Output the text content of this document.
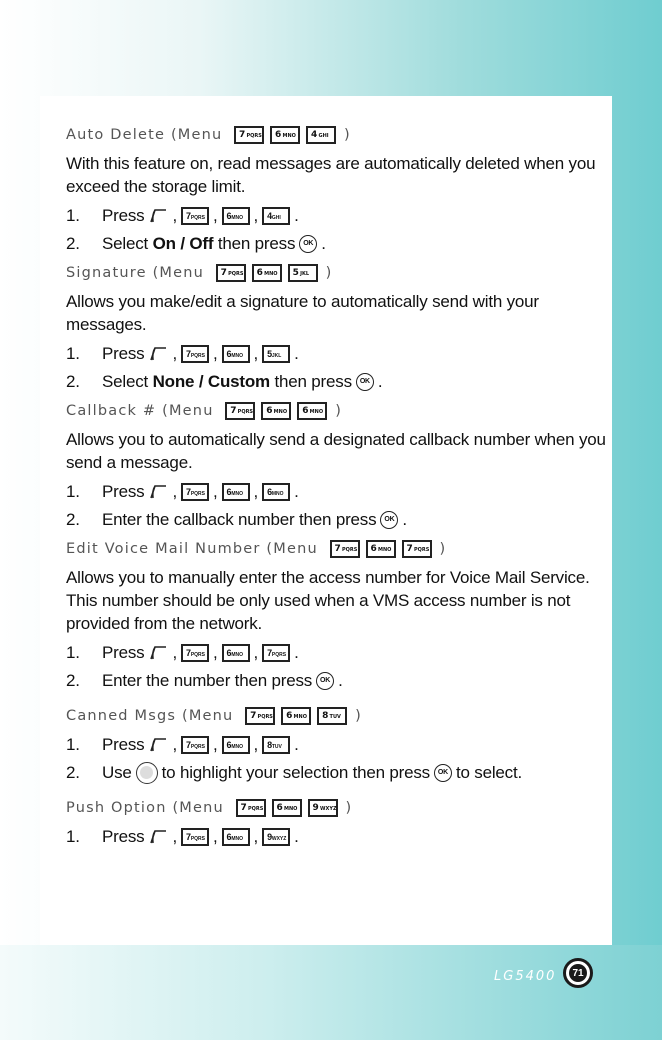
Auto Delete
(Menu
	7PQRS	6MNO	4GHI	)
With this feature on, read messages are automatically deleted when you exceed the storage limit.
1.	Press ,	7PQRS ,	6MNO ,	4GHI .
2.	Select
On / Off
then press	OK .
Signature
(Menu
	7PQRS	6MNO	5JKL	)
Allows you make/edit a signature to automatically send with your messages.
1.	Press ,	7PQRS ,	6MNO ,	5JKL .
2.	Select
None / Custom
then press	OK .
Callback #
(Menu
	7PQRS	6MNO	6MNO )
Allows you to automatically send a designated callback number when you send a message.
1.	Press ,	7PQRS ,	6MNO ,	6MNO .
2.	Enter the callback number then press	OK .
Edit Voice Mail Number
(Menu
	7PQRS	6MNO	7PQRS )
Allows you to manually enter the access number for Voice Mail Service. This number should be only used when a VMS access number is not provided from the network.
1.	Press ,	7PQRS ,	6MNO ,	7PQRS .
2.	Enter the number then press	OK .
Canned Msgs
(Menu
	7PQRS	6MNO	8TUV )
1.	Press ,	7PQRS ,	6MNO ,	8TUV .
2.	Use to highlight your selection then press	OK to select.
Push Option
(Menu
	7PQRS	6MNO	9WXYZ )
1.	Press ,	7PQRS ,	6MNO ,	9WXYZ .
LG5400	71
